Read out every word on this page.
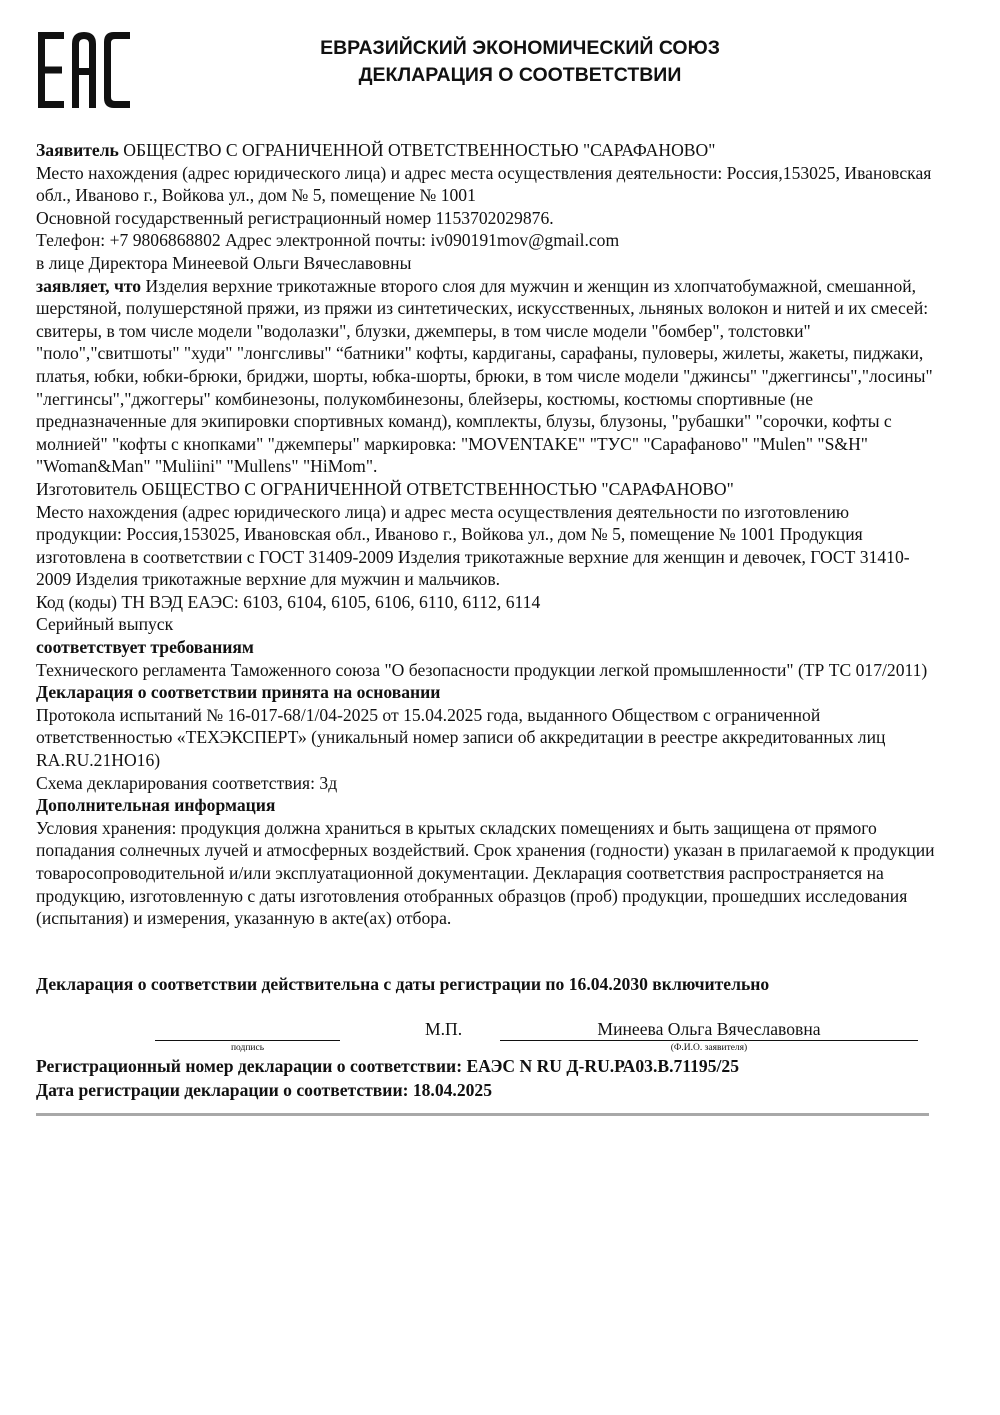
ЕВРАЗИЙСКИЙ ЭКОНОМИЧЕСКИЙ СОЮЗ
ДЕКЛАРАЦИЯ О СООТВЕТСТВИИ

Заявитель ОБЩЕСТВО С ОГРАНИЧЕННОЙ ОТВЕТСТВЕННОСТЬЮ "САРАФАНОВО"

Место нахождения (адрес юридического лица) и адрес места осуществления деятельности: Россия,153025, Ивановская обл., Иваново г., Войкова ул., дом № 5, помещение № 1001

Основной государственный регистрационный номер 1153702029876.

Телефон: +7 9806868802 Адрес электронной почты: iv090191mov@gmail.com

в лице Директора Минеевой Ольги Вячеславовны

заявляет, что Изделия верхние трикотажные второго слоя для мужчин и женщин из хлопчатобумажной, смешанной, шерстяной, полушерстяной пряжи, из пряжи из синтетических, искусственных, льняных волокон и нитей и их смесей: свитеры, в том числе модели "водолазки", блузки, джемперы, в том числе модели "бомбер", толстовки" "поло","свитшоты" "худи" "лонгсливы" “батники" кофты, кардиганы, сарафаны, пуловеры, жилеты, жакеты, пиджаки, платья, юбки, юбки-брюки, бриджи, шорты, юбка-шорты, брюки, в том числе модели "джинсы" "джеггинсы","лосины" "леггинсы","джоггеры" комбинезоны, полукомбинезоны, блейзеры, костюмы, костюмы спортивные (не предназначенные для экипировки спортивных команд), комплекты, блузы, блузоны, "рубашки" "сорочки, кофты с молнией" "кофты с кнопками" "джемперы" маркировка: "MOVENTAKE" "ТУС" "Сарафаново" "Mulen" "S&H" "Woman&Man" "Muliini" "Mullens" "HiMom".

Изготовитель ОБЩЕСТВО С ОГРАНИЧЕННОЙ ОТВЕТСТВЕННОСТЬЮ "САРАФАНОВО"

Место нахождения (адрес юридического лица) и адрес места осуществления деятельности по изготовлению продукции: Россия,153025, Ивановская обл., Иваново г., Войкова ул., дом № 5, помещение № 1001 Продукция изготовлена в соответствии с ГОСТ 31409-2009 Изделия трикотажные верхние для женщин и девочек, ГОСТ 31410-2009 Изделия трикотажные верхние для мужчин и мальчиков.

Код (коды) ТН ВЭД ЕАЭС: 6103, 6104, 6105, 6106, 6110, 6112, 6114

Серийный выпуск

соответствует требованиям

Технического регламента Таможенного союза "О безопасности продукции легкой промышленности" (ТР ТС 017/2011)

Декларация о соответствии принята на основании

Протокола испытаний № 16-017-68/1/04-2025 от 15.04.2025 года, выданного Обществом с ограниченной ответственностью «ТЕХЭКСПЕРТ» (уникальный номер записи об аккредитации в реестре аккредитованных лиц RA.RU.21НО16)

Схема декларирования соответствия: 3д

Дополнительная информация

Условия хранения: продукция должна храниться в крытых складских помещениях и быть защищена от прямого попадания солнечных лучей и атмосферных воздействий. Срок хранения (годности) указан в прилагаемой к продукции товаросопроводительной и/или эксплуатационной документации. Декларация соответствия распространяется на продукцию, изготовленную с даты изготовления отобранных образцов (проб) продукции, прошедших исследования (испытания) и измерения, указанную в акте(ах) отбора.

Декларация о соответствии действительна с даты регистрации по 16.04.2030 включительно
подпись
М.П.	Минеева Ольга Вячеславовна
(Ф.И.О. заявителя)
Регистрационный номер декларации о соответствии: ЕАЭС N RU Д-RU.РА03.В.71195/25
Дата регистрации декларации о соответствии: 18.04.2025
